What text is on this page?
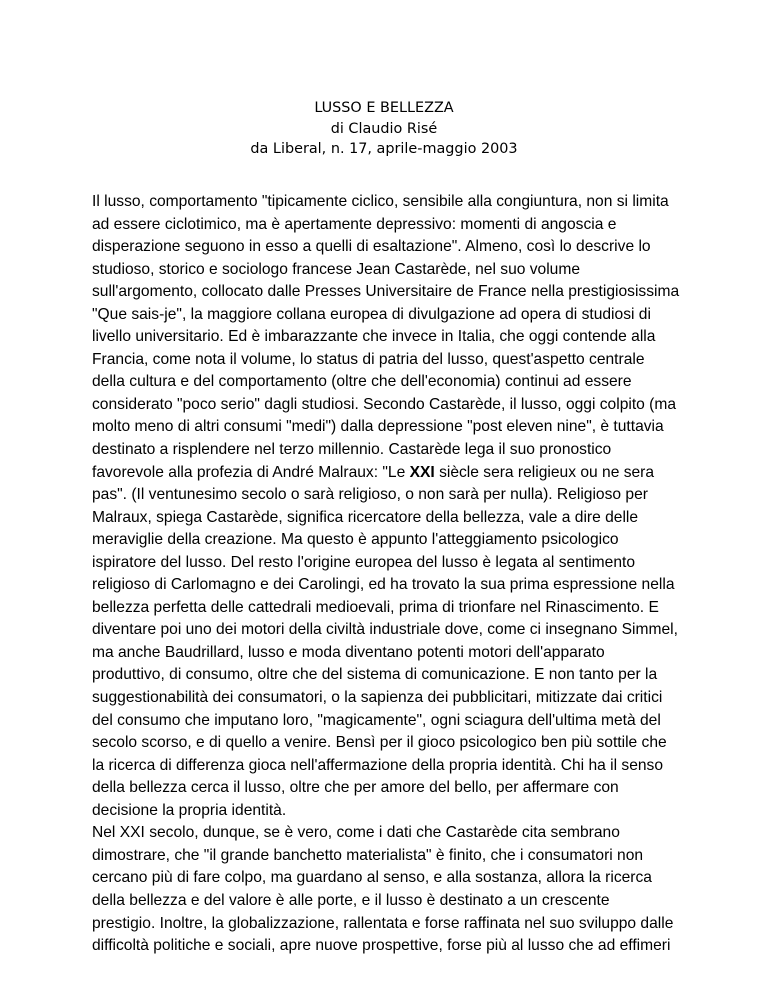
LUSSO E BELLEZZA
di Claudio Risé
da Liberal, n. 17, aprile-maggio 2003
Il lusso, comportamento "tipicamente ciclico, sensibile alla congiuntura, non si limita
ad essere ciclotimico, ma è apertamente depressivo: momenti di angoscia e
disperazione seguono in esso a quelli di esaltazione". Almeno, così lo descrive lo
studioso, storico e sociologo francese Jean Castarède, nel suo volume
sull'argomento, collocato dalle Presses Universitaire de France nella prestigiosissima
"Que sais-je", la maggiore collana europea di divulgazione ad opera di studiosi di
livello universitario. Ed è imbarazzante che invece in Italia, che oggi contende alla
Francia, come nota il volume, lo status di patria del lusso, quest'aspetto centrale
della cultura e del comportamento (oltre che dell'economia) continui ad essere
considerato "poco serio" dagli studiosi. Secondo Castarède, il lusso, oggi colpito (ma
molto meno di altri consumi "medi") dalla depressione "post eleven nine", è tuttavia
destinato a risplendere nel terzo millennio. Castarède lega il suo pronostico
favorevole alla profezia di André Malraux: "Le XXI siècle sera religieux ou ne sera
pas". (Il ventunesimo secolo o sarà religioso, o non sarà per nulla). Religioso per
Malraux, spiega Castarède, significa ricercatore della bellezza, vale a dire delle
meraviglie della creazione. Ma questo è appunto l'atteggiamento psicologico
ispiratore del lusso. Del resto l'origine europea del lusso è legata al sentimento
religioso di Carlomagno e dei Carolingi, ed ha trovato la sua prima espressione nella
bellezza perfetta delle cattedrali medioevali, prima di trionfare nel Rinascimento. E
diventare poi uno dei motori della civiltà industriale dove, come ci insegnano Simmel,
ma anche Baudrillard, lusso e moda diventano potenti motori dell'apparato
produttivo, di consumo, oltre che del sistema di comunicazione. E non tanto per la
suggestionabilità dei consumatori, o la sapienza dei pubblicitari, mitizzate dai critici
del consumo che imputano loro, "magicamente", ogni sciagura dell'ultima metà del
secolo scorso, e di quello a venire. Bensì per il gioco psicologico ben più sottile che
la ricerca di differenza gioca nell'affermazione della propria identità. Chi ha il senso
della bellezza cerca il lusso, oltre che per amore del bello, per affermare con
decisione la propria identità.
Nel XXI secolo, dunque, se è vero, come i dati che Castarède cita sembrano
dimostrare, che "il grande banchetto materialista" è finito, che i consumatori non
cercano più di fare colpo, ma guardano al senso, e alla sostanza, allora la ricerca
della bellezza e del valore è alle porte, e il lusso è destinato a un crescente
prestigio. Inoltre, la globalizzazione, rallentata e forse raffinata nel suo sviluppo dalle
difficoltà politiche e sociali, apre nuove prospettive, forse più al lusso che ad effimeri
